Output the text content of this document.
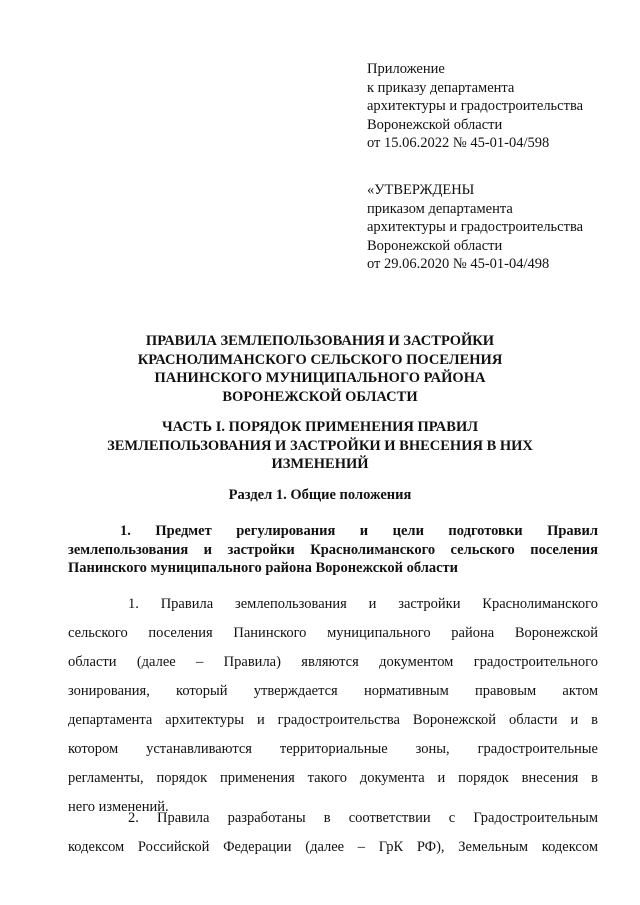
Приложение
к приказу департамента
архитектуры и градостроительства
Воронежской области
от 15.06.2022 № 45-01-04/598
«УТВЕРЖДЕНЫ
приказом департамента
архитектуры и градостроительства
Воронежской области
от 29.06.2020 № 45-01-04/498
ПРАВИЛА ЗЕМЛЕПОЛЬЗОВАНИЯ И ЗАСТРОЙКИ
КРАСНОЛИМАНСКОГО СЕЛЬСКОГО ПОСЕЛЕНИЯ
ПАНИНСКОГО МУНИЦИПАЛЬНОГО РАЙОНА
ВОРОНЕЖСКОЙ ОБЛАСТИ
ЧАСТЬ I. ПОРЯДОК ПРИМЕНЕНИЯ ПРАВИЛ
ЗЕМЛЕПОЛЬЗОВАНИЯ И ЗАСТРОЙКИ И ВНЕСЕНИЯ В НИХ
ИЗМЕНЕНИЙ
Раздел 1. Общие положения
1. Предмет регулирования и цели подготовки Правил
землепользования и застройки Краснолиманского сельского поселения
Панинского муниципального района Воронежской области
1. Правила землепользования и застройки Краснолиманского
сельского поселения Панинского муниципального района Воронежской
области (далее – Правила) являются документом градостроительного
зонирования, который утверждается нормативным правовым актом
департамента архитектуры и градостроительства Воронежской области и в
котором устанавливаются территориальные зоны, градостроительные
регламенты, порядок применения такого документа и порядок внесения в
него изменений.
2. Правила разработаны в соответствии с Градостроительным
кодексом Российской Федерации (далее – ГрК РФ), Земельным кодексом
